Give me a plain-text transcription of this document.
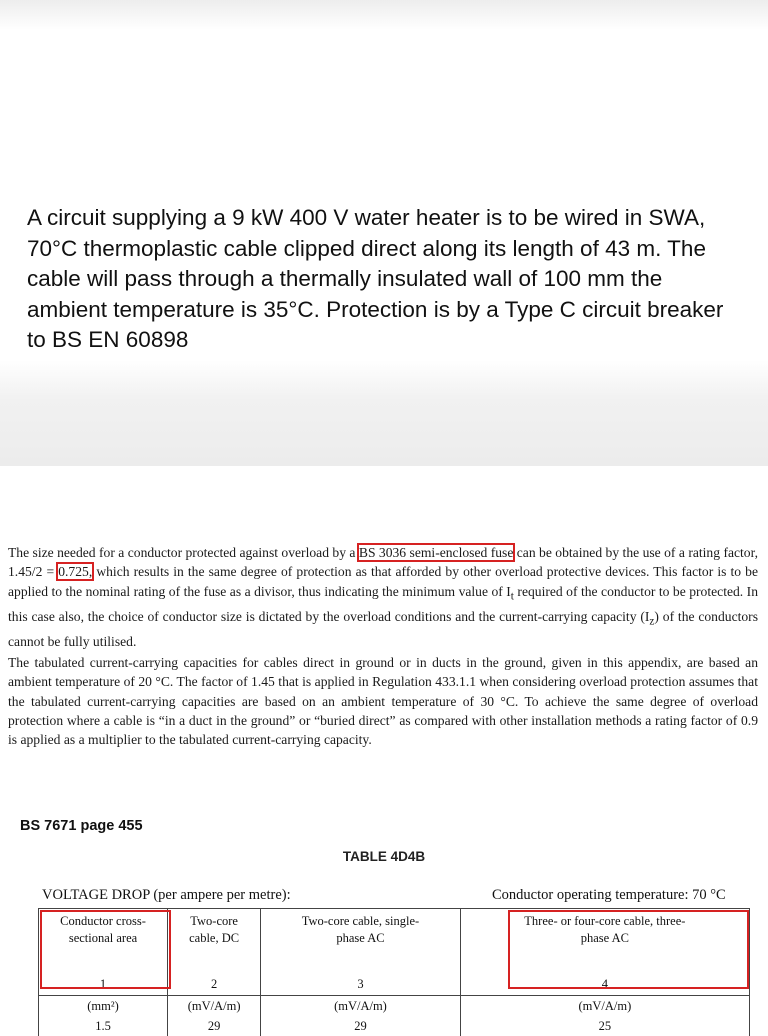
A circuit supplying a 9 kW 400 V water heater is to be wired in SWA, 70°C thermoplastic cable clipped direct along its length of 43 m. The cable will pass through a thermally insulated wall of 100 mm the ambient temperature is 35°C. Protection is by a Type C circuit breaker to BS EN 60898

The size needed for a conductor protected against overload by a BS 3036 semi-enclosed fuse can be obtained by the use of a rating factor, 1.45/2 = 0.725, which results in the same degree of protection as that afforded by other overload protective devices. This factor is to be applied to the nominal rating of the fuse as a divisor, thus indicating the minimum value of $I_t$ required of the conductor to be protected. In this case also, the choice of conductor size is dictated by the overload conditions and the current-carrying capacity $(I_z)$ of the conductors cannot be fully utilised.

The tabulated current-carrying capacities for cables direct in ground or in ducts in the ground, given in this appendix, are based an ambient temperature of 20 °C. The factor of 1.45 that is applied in Regulation 433.1.1 when considering overload protection assumes that the tabulated current-carrying capacities are based on an ambient temperature of 30 °C. To achieve the same degree of overload protection where a cable is “in a duct in the ground” or “buried direct” as compared with other installation methods a rating factor of 0.9 is applied as a multiplier to the tabulated current-carrying capacity.

BS 7671 page 455

TABLE 4D4B

VOLTAGE DROP (per ampere per metre):	Conductor operating temperature: 70 °C

Conductor cross-sectional area	Two-core cable, DC	Two-core cable, single-phase AC	Three- or four-core cable, three-phase AC
1	2	3	4
(mm²)	(mV/A/m)	(mV/A/m)	(mV/A/m)
1.5	29	29	25
